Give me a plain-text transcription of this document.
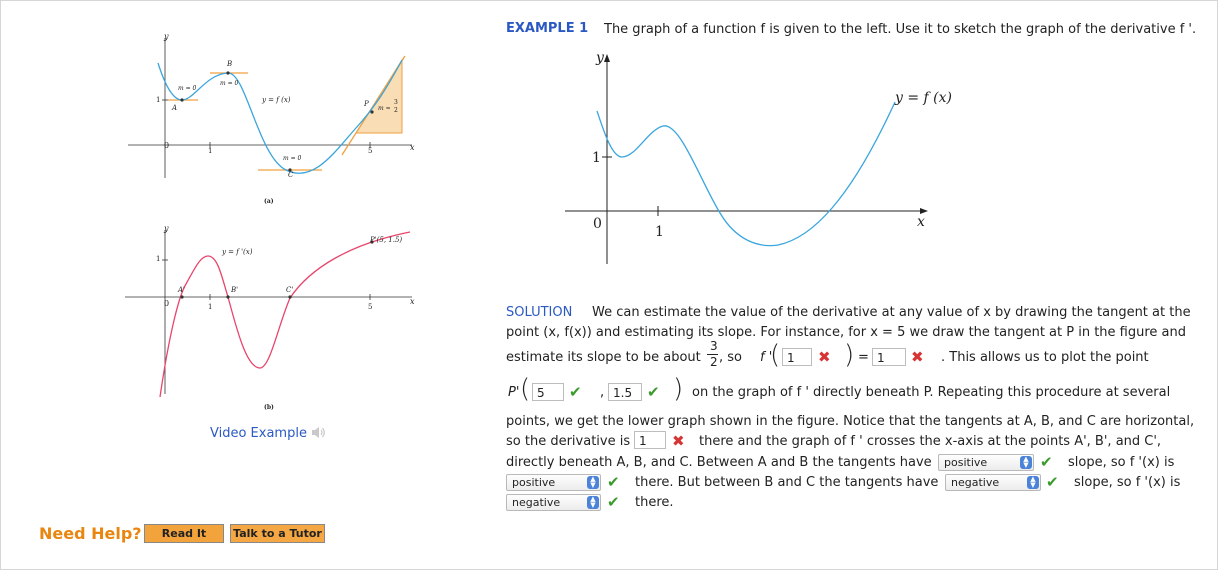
y
x
0
1	5
1
A
B
C
P
m = 0
m = 0
m = 0
m ≈
3
2
y = f (x)
(a)
y
x
0	1	5
1
A'	B'	C'
P'(5, 1.5)
y = f '(x)
(b)
Video Example
EXAMPLE 1 The graph of a function f is given to the left. Use it to sketch the graph of the derivative f '.
y
x
0	1
1
y = f (x)
SOLUTION We can estimate the value of the derivative at any value of x by drawing the tangent at the
point (x, f(x)) and estimating its slope. For instance, for x = 5 we draw the tangent at P in the figure and
estimate its slope to be about
3
2 , so f '
( 1	✖ ) = 1	✖ . This allows us to plot the point
P' ( 5	✔ , 1.5 ✔ ) on the graph of f ' directly beneath P. Repeating this procedure at several
points, we get the lower graph shown in the figure. Notice that the tangents at A, B, and C are horizontal,
so the derivative is 1	✖ there and the graph of f ' crosses the x-axis at the points A', B', and C',
directly beneath A, B, and C. Between A and B the tangents have	positive	▲
▼ ✔ slope, so f '(x) is
positive	▲
▼ ✔ there. But between B and C the tangents have	negative	▲
▼ ✔ slope, so f '(x) is
negative	▲
▼ ✔ there.
Need Help?	Read It	Talk to a Tutor
